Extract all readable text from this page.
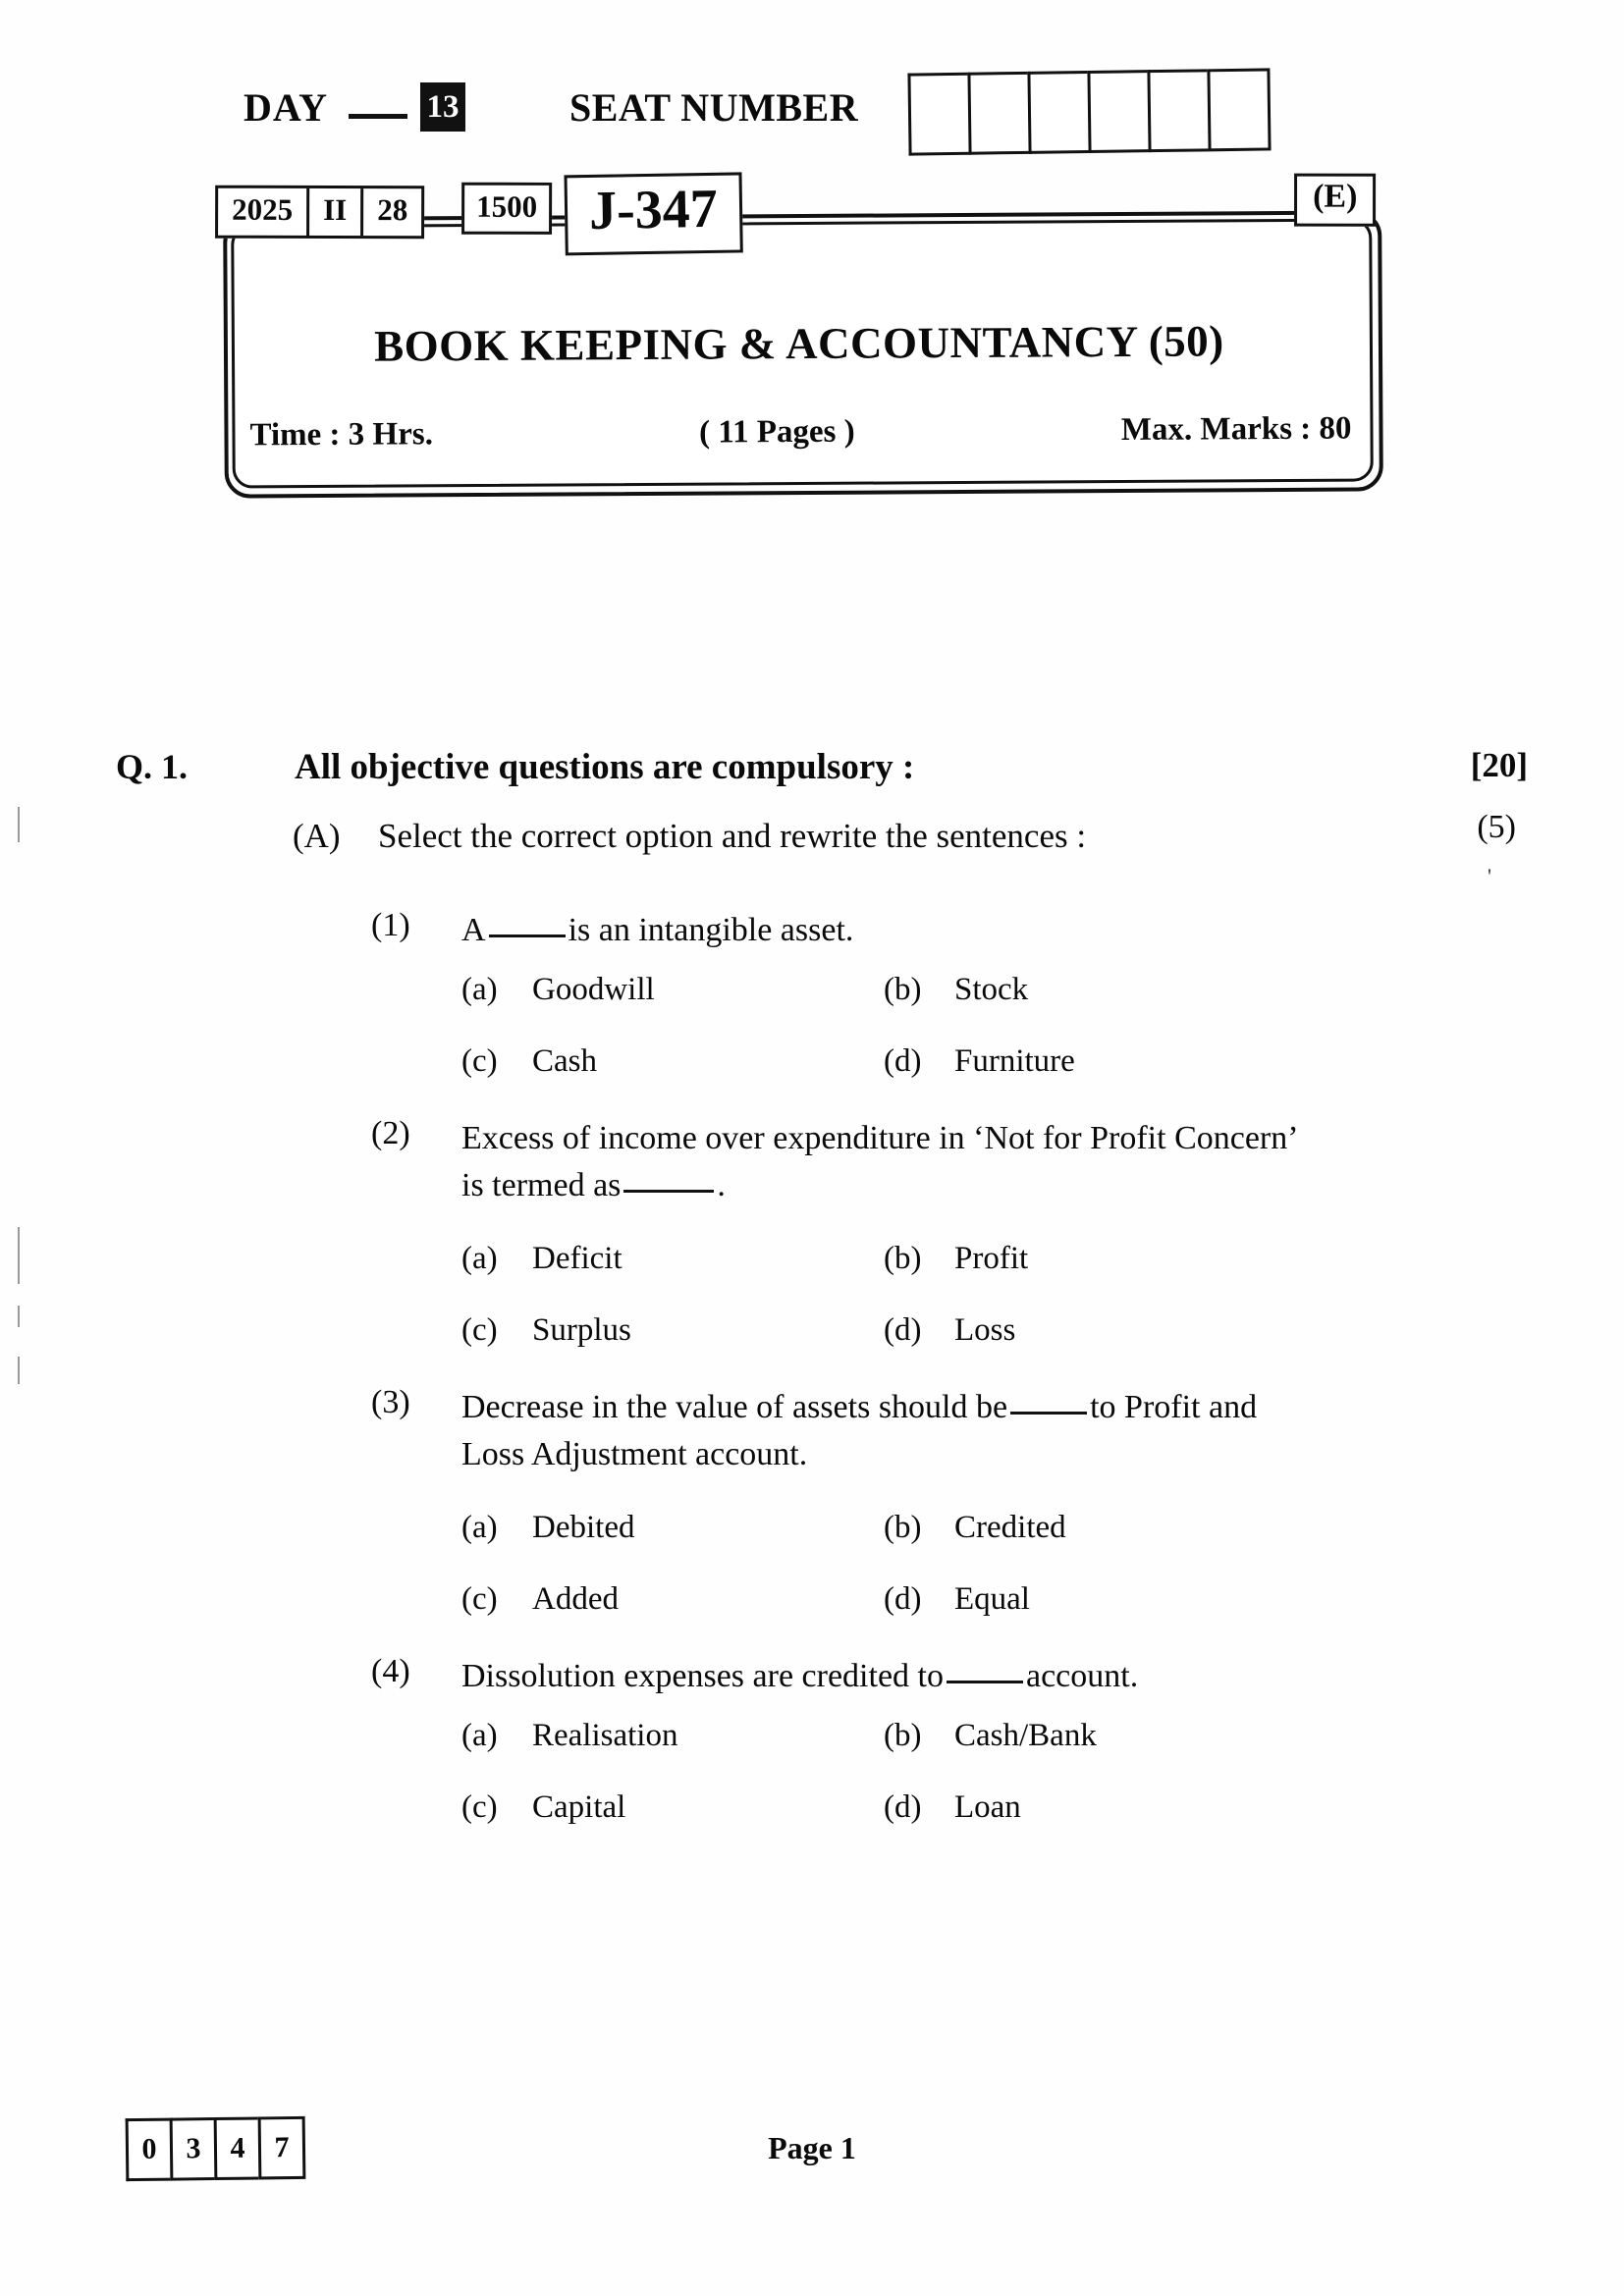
DAY	13	SEAT NUMBER
2025 II 28	1500 J-347	(E)
BOOK KEEPING & ACCOUNTANCY (50)
Time : 3 Hrs.	( 11 Pages )	Max. Marks : 80
Q. 1.	All objective questions are compulsory :	[20]
(A) Select the correct option and rewrite the sentences :	(5)
'
(1) A is an intangible asset.
(a) Goodwill	(b) Stock
(c) Cash	(d) Furniture
(2) Excess of income over expenditure in ‘Not for Profit Concern’ is termed as	.
(a) Deficit	(b) Profit
(c) Surplus	(d) Loss
(3) Decrease in the value of assets should be to Profit and Loss Adjustment account.
(a) Debited	(b) Credited
(c) Added	(d) Equal
(4) Dissolution expenses are credited to account.
(a) Realisation	(b) Cash/Bank
(c) Capital	(d) Loan
0 3 4 7	Page 1
